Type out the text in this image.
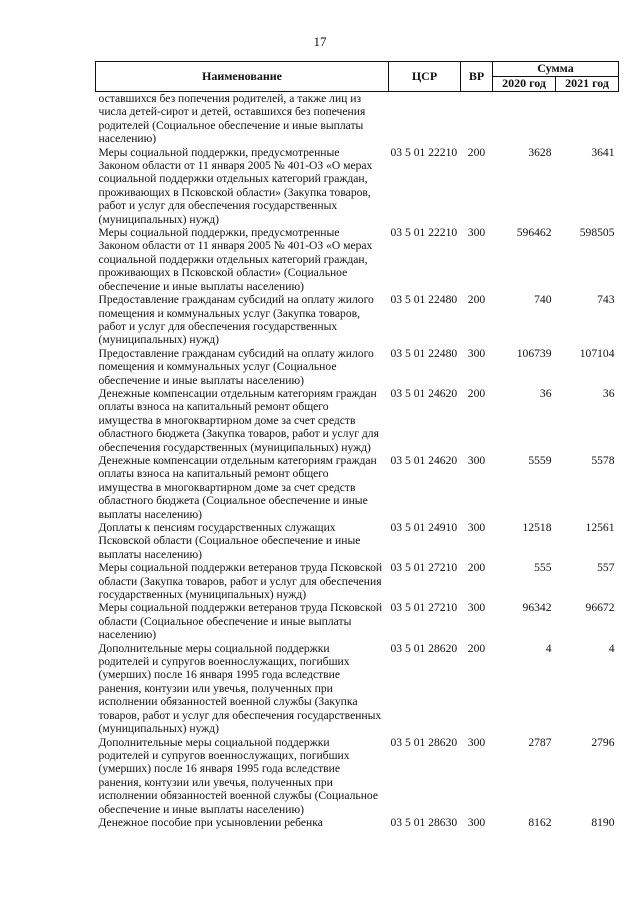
17
Наименование	ЦСР	ВР	Сумма	
			2020 год	2021 год
оставшихся без попечения родителей, а также лиц из числа детей-сирот и детей, оставшихся без попечения родителей (Социальное обеспечение и иные выплаты населению)				
Меры социальной поддержки, предусмотренные Законом области от 11 января 2005 № 401-ОЗ «О мерах социальной поддержки отдельных категорий граждан, проживающих в Псковской области» (Закупка товаров, работ и услуг для обеспечения государственных (муниципальных) нужд)	03 5 01 22210	200	3628	3641
Меры социальной поддержки, предусмотренные Законом области от 11 января 2005 № 401-ОЗ «О мерах социальной поддержки отдельных категорий граждан, проживающих в Псковской области» (Социальное обеспечение и иные выплаты населению)	03 5 01 22210	300	596462	598505
Предоставление гражданам субсидий на оплату жилого помещения и коммунальных услуг (Закупка товаров, работ и услуг для обеспечения государственных (муниципальных) нужд)	03 5 01 22480	200	740	743
Предоставление гражданам субсидий на оплату жилого помещения и коммунальных услуг (Социальное обеспечение и иные выплаты населению)	03 5 01 22480	300	106739	107104
Денежные компенсации отдельным категориям граждан оплаты взноса на капитальный ремонт общего имущества в многоквартирном доме за счет средств областного бюджета (Закупка товаров, работ и услуг для обеспечения государственных (муниципальных) нужд)	03 5 01 24620	200	36	36
Денежные компенсации отдельным категориям граждан оплаты взноса на капитальный ремонт общего имущества в многоквартирном доме за счет средств областного бюджета (Социальное обеспечение и иные выплаты населению)	03 5 01 24620	300	5559	5578
Доплаты к пенсиям государственных служащих Псковской области (Социальное обеспечение и иные выплаты населению)	03 5 01 24910	300	12518	12561
Меры социальной поддержки ветеранов труда Псковской области (Закупка товаров, работ и услуг для обеспечения государственных (муниципальных) нужд)	03 5 01 27210	200	555	557
Меры социальной поддержки ветеранов труда Псковской области (Социальное обеспечение и иные выплаты населению)	03 5 01 27210	300	96342	96672
Дополнительные меры социальной поддержки родителей и супругов военнослужащих, погибших (умерших) после 16 января 1995 года вследствие ранения, контузии или увечья, полученных при исполнении обязанностей военной службы (Закупка товаров, работ и услуг для обеспечения государственных (муниципальных) нужд)	03 5 01 28620	200	4	4
Дополнительные меры социальной поддержки родителей и супругов военнослужащих, погибших (умерших) после 16 января 1995 года вследствие ранения, контузии или увечья, полученных при исполнении обязанностей военной службы (Социальное обеспечение и иные выплаты населению)	03 5 01 28620	300	2787	2796
Денежное пособие при усыновлении ребенка	03 5 01 28630	300	8162	8190
